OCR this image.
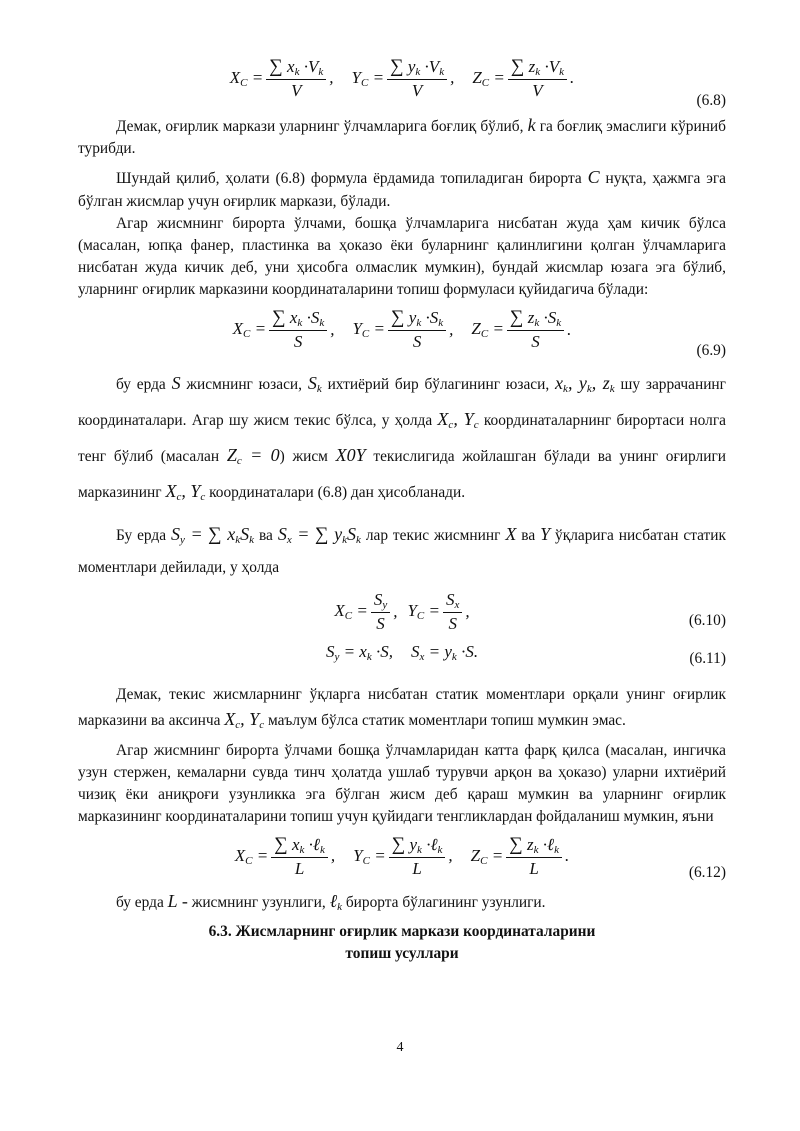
$X_C = \frac{\sum x_k \cdot V_k}{V}$ , $Y_C = \frac{\sum y_k \cdot V_k}{V}$ , $Z_C = \frac{\sum z_k \cdot V_k}{V}$ .
(6.8)

Демак, оғирлик маркази уларнинг ўлчамларига боғлиқ бўлиб, k га боғлиқ эмаслиги кўриниб турибди.

Шундай қилиб, ҳолати (6.8) формула ёрдамида топиладиган бирорта C нуқта, ҳажмга эга бўлган жисмлар учун оғирлик маркази, бўлади.

Агар жисмнинг бирорта ўлчами, бошқа ўлчамларига нисбатан жуда ҳам кичик бўлса (масалан, юпқа фанер, пластинка ва ҳоказо ёки буларнинг қалинлигини қолган ўлчамларига нисбатан жуда кичик деб, уни ҳисобга олмаслик мумкин), бундай жисмлар юзага эга бўлиб, уларнинг оғирлик марказини координаталарини топиш формуласи қуйидагича бўлади:

$X_C = \frac{\sum x_k \cdot S_k}{S}$ , $Y_C = \frac{\sum y_k \cdot S_k}{S}$ , $Z_C = \frac{\sum z_k \cdot S_k}{S}$ .
(6.9)

бу ерда S жисмнинг юзаси, $S_k$ ихтиёрий бир бўлагининг юзаси, $x_k$, $y_k$, $z_k$ шу заррачанинг координаталари. Агар шу жисм текис бўлса, у ҳолда $X_c$, $Y_c$ координаталарнинг бирортаси нолга тенг бўлиб (масалан $Z_c = 0$) жисм X0Y текислигида жойлашган бўлади ва унинг оғирлиги марказининг $X_c$, $Y_c$ координаталари (6.8) дан ҳисобланади.

Бу ерда $S_y$ = ∑ $x_kS_k$ ва $S_x$ = ∑ $y_kS_k$ лар текис жисмнинг X ва Y ўқларига нисбатан статик моментлари дейилади, у ҳолда

$X_C = \frac{S_y}{S}$ , $Y_C = \frac{S_x}{S}$ ,	(6.10)
$S_y = x_k \cdot S$, $S_x = y_k \cdot S$.	(6.11)

Демак, текис жисмларнинг ўқларга нисбатан статик моментлари орқали унинг оғирлик марказини ва аксинча $X_c$, $Y_c$ маълум бўлса статик моментлари топиш мумкин эмас.

Агар жисмнинг бирорта ўлчами бошқа ўлчамларидан катта фарқ қилса (масалан, ингичка узун стержен, кемаларни сувда тинч ҳолатда ушлаб турувчи арқон ва ҳоказо) уларни ихтиёрий чизиқ ёки аниқроғи узунликка эга бўлган жисм деб қараш мумкин ва уларнинг оғирлик марказининг координаталарини топиш учун қуйидаги тенгликлардан фойдаланиш мумкин, яъни

$X_C = \frac{\sum x_k \cdot\ell_k}{L}$ , $Y_C = \frac{\sum y_k \cdot\ell_k}{L}$ , $Z_C = \frac{\sum z_k \cdot\ell_k}{L}$ .
(6.12)

бу ерда L - жисмнинг узунлиги, ℓ$_k$ бирорта бўлагининг узунлиги.

6.3. Жисмларнинг оғирлик маркази координаталарини
топиш усуллари

4
